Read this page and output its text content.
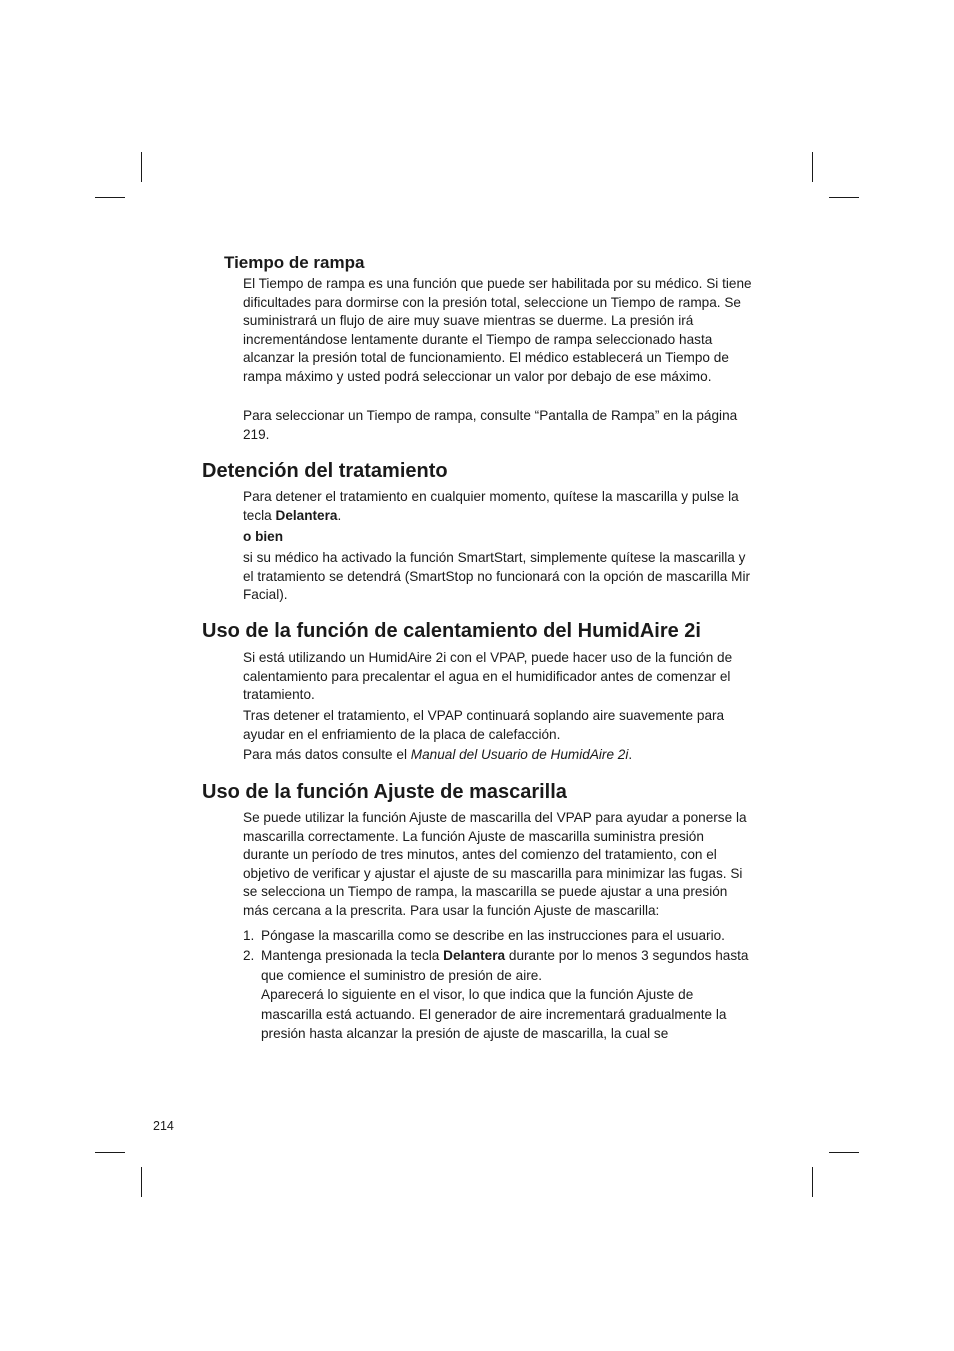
Tiempo de rampa

El Tiempo de rampa es una función que puede ser habilitada por su médico. Si tiene dificultades para dormirse con la presión total, seleccione un Tiempo de rampa. Se suministrará un flujo de aire muy suave mientras se duerme. La presión irá incrementándose lentamente durante el Tiempo de rampa seleccionado hasta alcanzar la presión total de funcionamiento. El médico establecerá un Tiempo de rampa máximo y usted podrá seleccionar un valor por debajo de ese máximo.

Para seleccionar un Tiempo de rampa, consulte “Pantalla de Rampa” en la página 219.

Detención del tratamiento

Para detener el tratamiento en cualquier momento, quítese la mascarilla y pulse la tecla Delantera.

o bien

si su médico ha activado la función SmartStart, simplemente quítese la mascarilla y el tratamiento se detendrá (SmartStop no funcionará con la opción de mascarilla Mir Facial).

Uso de la función de calentamiento del HumidAire 2i

Si está utilizando un HumidAire 2i con el VPAP, puede hacer uso de la función de calentamiento para precalentar el agua en el humidificador antes de comenzar el tratamiento.

Tras detener el tratamiento, el VPAP continuará soplando aire suavemente para ayudar en el enfriamiento de la placa de calefacción.

Para más datos consulte el Manual del Usuario de HumidAire 2i.

Uso de la función Ajuste de mascarilla

Se puede utilizar la función Ajuste de mascarilla del VPAP para ayudar a ponerse la mascarilla correctamente. La función Ajuste de mascarilla suministra presión durante un período de tres minutos, antes del comienzo del tratamiento, con el objetivo de verificar y ajustar el ajuste de su mascarilla para minimizar las fugas. Si se selecciona un Tiempo de rampa, la mascarilla se puede ajustar a una presión más cercana a la prescrita. Para usar la función Ajuste de mascarilla:

1. Póngase la mascarilla como se describe en las instrucciones para el usuario.
2. Mantenga presionada la tecla Delantera durante por lo menos 3 segundos hasta que comience el suministro de presión de aire.
Aparecerá lo siguiente en el visor, lo que indica que la función Ajuste de mascarilla está actuando. El generador de aire incrementará gradualmente la presión hasta alcanzar la presión de ajuste de mascarilla, la cual se
214
